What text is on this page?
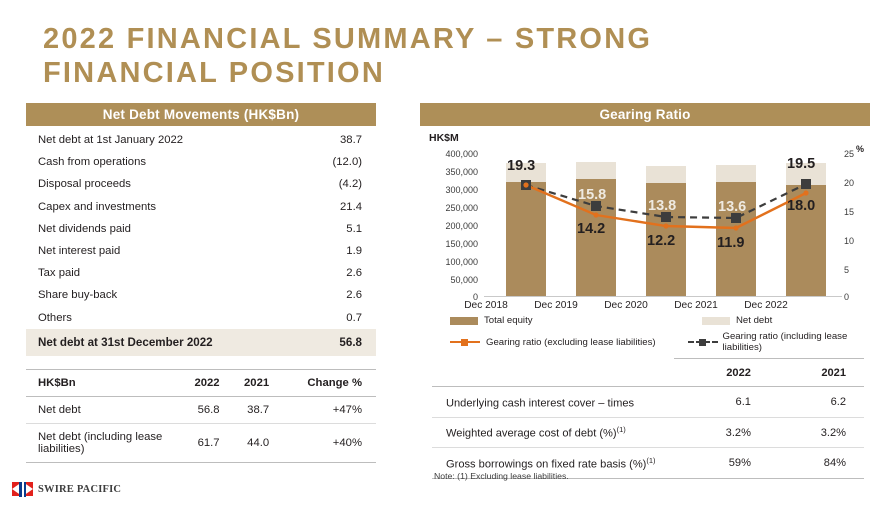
2022 FINANCIAL SUMMARY – STRONG FINANCIAL POSITION
Net Debt Movements (HK$Bn)
Net debt at 1st January 2022	38.7
Cash from operations	(12.0)
Disposal proceeds	(4.2)
Capex and investments	21.4
Net dividends paid	5.1
Net interest paid	1.9
Tax paid	2.6
Share buy-back	2.6
Others	0.7
Net debt at 31st December 2022	56.8
HK$Bn	2022	2021	Change %
Net debt	56.8	38.7	+47%
Net debt (including lease liabilities)	61.7	44.0	+40%
SWIRE PACIFIC
Gearing Ratio
HK$M
%
400,000
350,000
300,000
250,000
200,000
150,000
100,000
50,000
0
25
20
15
10
5
0
19.3
15.8
13.8	13.6
19.5
14.2
12.2	11.9
18.0
Dec 2018	Dec 2019	Dec 2020	Dec 2021	Dec 2022
Total equity	Net debt
Gearing ratio (excluding lease liabilities)	Gearing ratio (including lease liabilities)
	2022	2021
Underlying cash interest cover – times	6.1	6.2
Weighted average cost of debt (%)$^{(1)}$	3.2%	3.2%
Gross borrowings on fixed rate basis (%)$^{(1)}$	59%	84%
Note: (1) Excluding lease liabilities.
